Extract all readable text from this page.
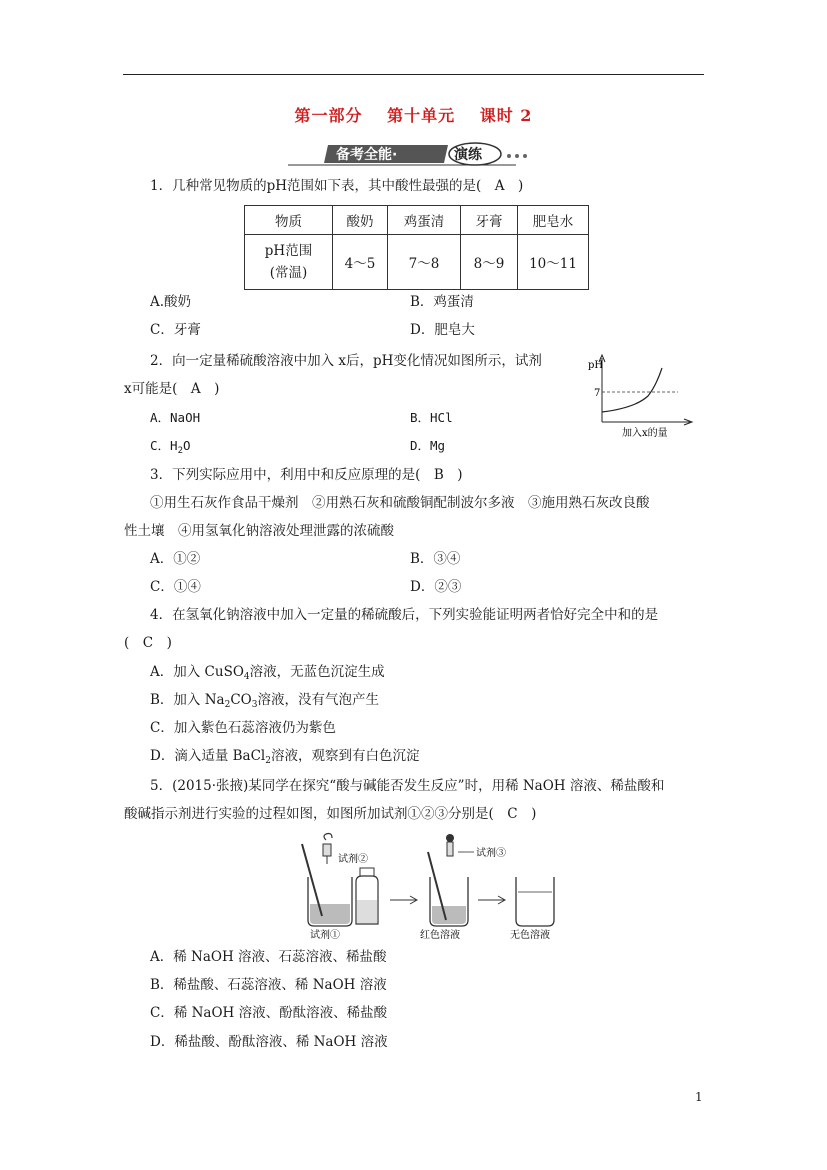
第一部分 第十单元 课时 2
备考全能·	演练
1．几种常见物质的pH范围如下表，其中酸性最强的是(　A　)
物质	酸奶	鸡蛋清	牙膏	肥皂水

pH范围
(常温)	4～5	7～8	8～9	10～11
A.酸奶	B．鸡蛋清
C．牙膏	D．肥皂大
2．向一定量稀硫酸溶液中加入 x后，pH变化情况如图所示，试剂
x可能是(　A　)
pH
7
加入x的量
A．NaOH	B．HCl
C．$H_2O$	D．Mg
3．下列实际应用中，利用中和反应原理的是(　B　)
①用生石灰作食品干燥剂　②用熟石灰和硫酸铜配制波尔多液　③施用熟石灰改良酸
性土壤　④用氢氧化钠溶液处理泄露的浓硫酸
A．①②	B．③④
C．①④	D．②③
4．在氢氧化钠溶液中加入一定量的稀硫酸后，下列实验能证明两者恰好完全中和的是
(　C　)
A．加入 CuSO$_4$溶液，无蓝色沉淀生成
B．加入 $Na_2CO_3$溶液，没有气泡产生
C．加入紫色石蕊溶液仍为紫色
D．滴入适量 BaCl$_2$溶液，观察到有白色沉淀
5．(2015·张掖)某同学在探究“酸与碱能否发生反应”时，用稀 NaOH 溶液、稀盐酸和
酸碱指示剂进行实验的过程如图，如图所加试剂①②③分别是(　C　)
试剂②
试剂①
试剂③
红色溶液	无色溶液
A．稀 NaOH 溶液、石蕊溶液、稀盐酸
B．稀盐酸、石蕊溶液、稀 NaOH 溶液
C．稀 NaOH 溶液、酚酞溶液、稀盐酸
D．稀盐酸、酚酞溶液、稀 NaOH 溶液
1
